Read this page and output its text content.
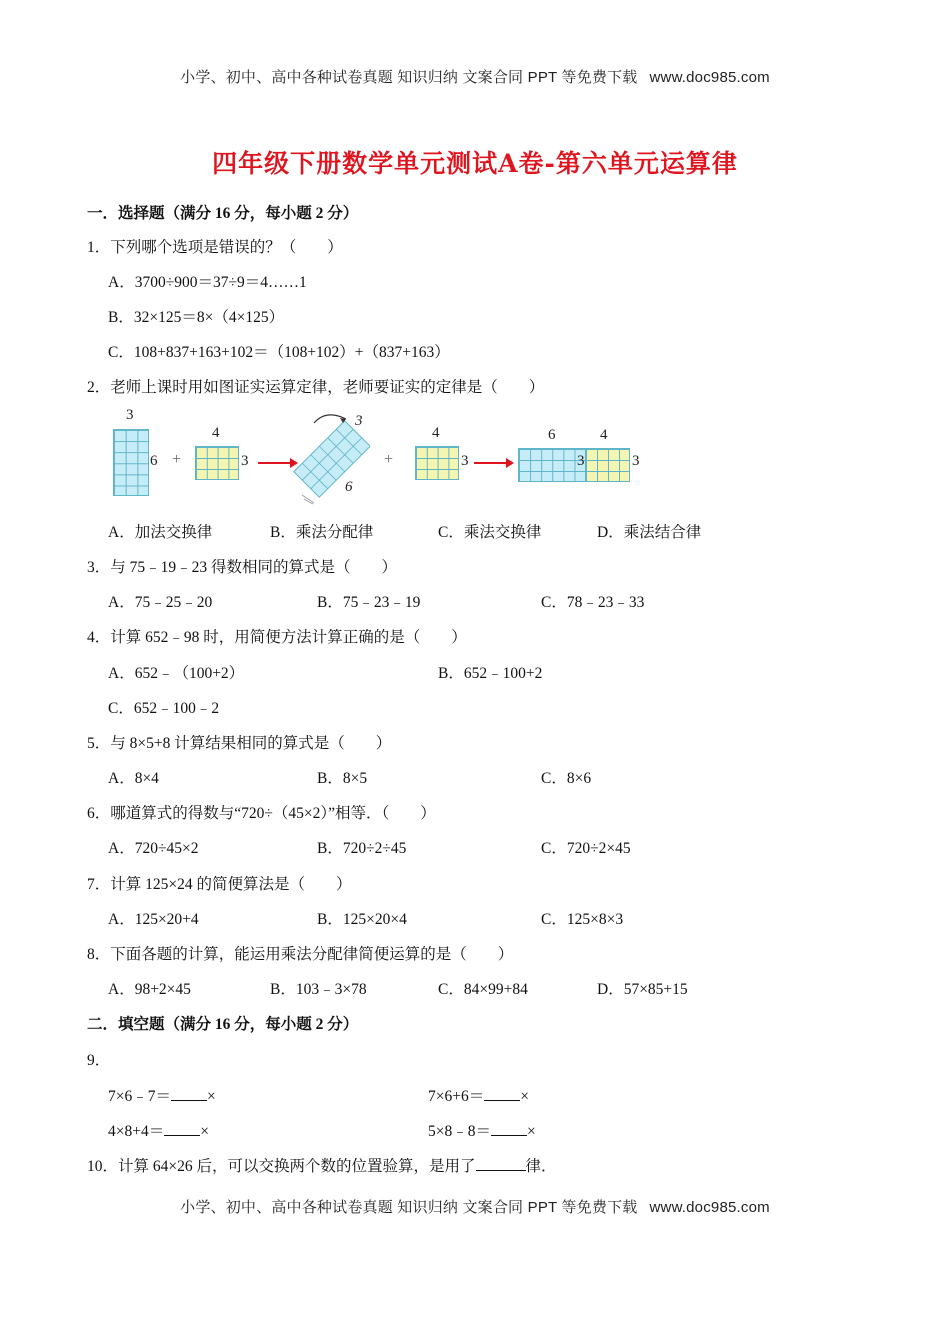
小学、初中、高中各种试卷真题 知识归纳 文案合同 PPT 等免费下载 www.doc985.com
四年级下册数学单元测试A卷-第六单元运算律
一．选择题（满分 16 分，每小题 2 分）
1．下列哪个选项是错误的？（　　）
A．3700÷900＝37÷9＝4……1
B．32×125＝8×（4×125）
C．108+837+163+102＝（108+102）+（837+163）
2．老师上课时用如图证实运算定律，老师要证实的定律是（　　）
3
6 +
4
3
3
6
+
4
3
6	4
3	3
A．加法交换律	B．乘法分配律	C．乘法交换律	D．乘法结合律
3．与 75﹣19﹣23 得数相同的算式是（　　）
A．75﹣25﹣20	B．75﹣23﹣19	C．78﹣23﹣33
4．计算 652﹣98 时，用简便方法计算正确的是（　　）
A．652﹣（100+2）	B．652﹣100+2
C．652﹣100﹣2
5．与 8×5+8 计算结果相同的算式是（　　）
A．8×4	B．8×5	C．8×6
6．哪道算式的得数与“720÷（45×2）”相等．（　　）
A．720÷45×2	B．720÷2÷45	C．720÷2×45
7．计算 125×24 的简便算法是（　　）
A．125×20+4	B．125×20×4	C．125×8×3
8．下面各题的计算，能运用乘法分配律简便运算的是（　　）
A．98+2×45	B．103﹣3×78	C．84×99+84	D．57×85+15
二．填空题（满分 16 分，每小题 2 分）
9．
7×6﹣7＝ ×	7×6+6＝ ×
4×8+4＝ ×	5×8﹣8＝ ×
10．计算 64×26 后，可以交换两个数的位置验算，是用了	律．
小学、初中、高中各种试卷真题 知识归纳 文案合同 PPT 等免费下载 www.doc985.com
